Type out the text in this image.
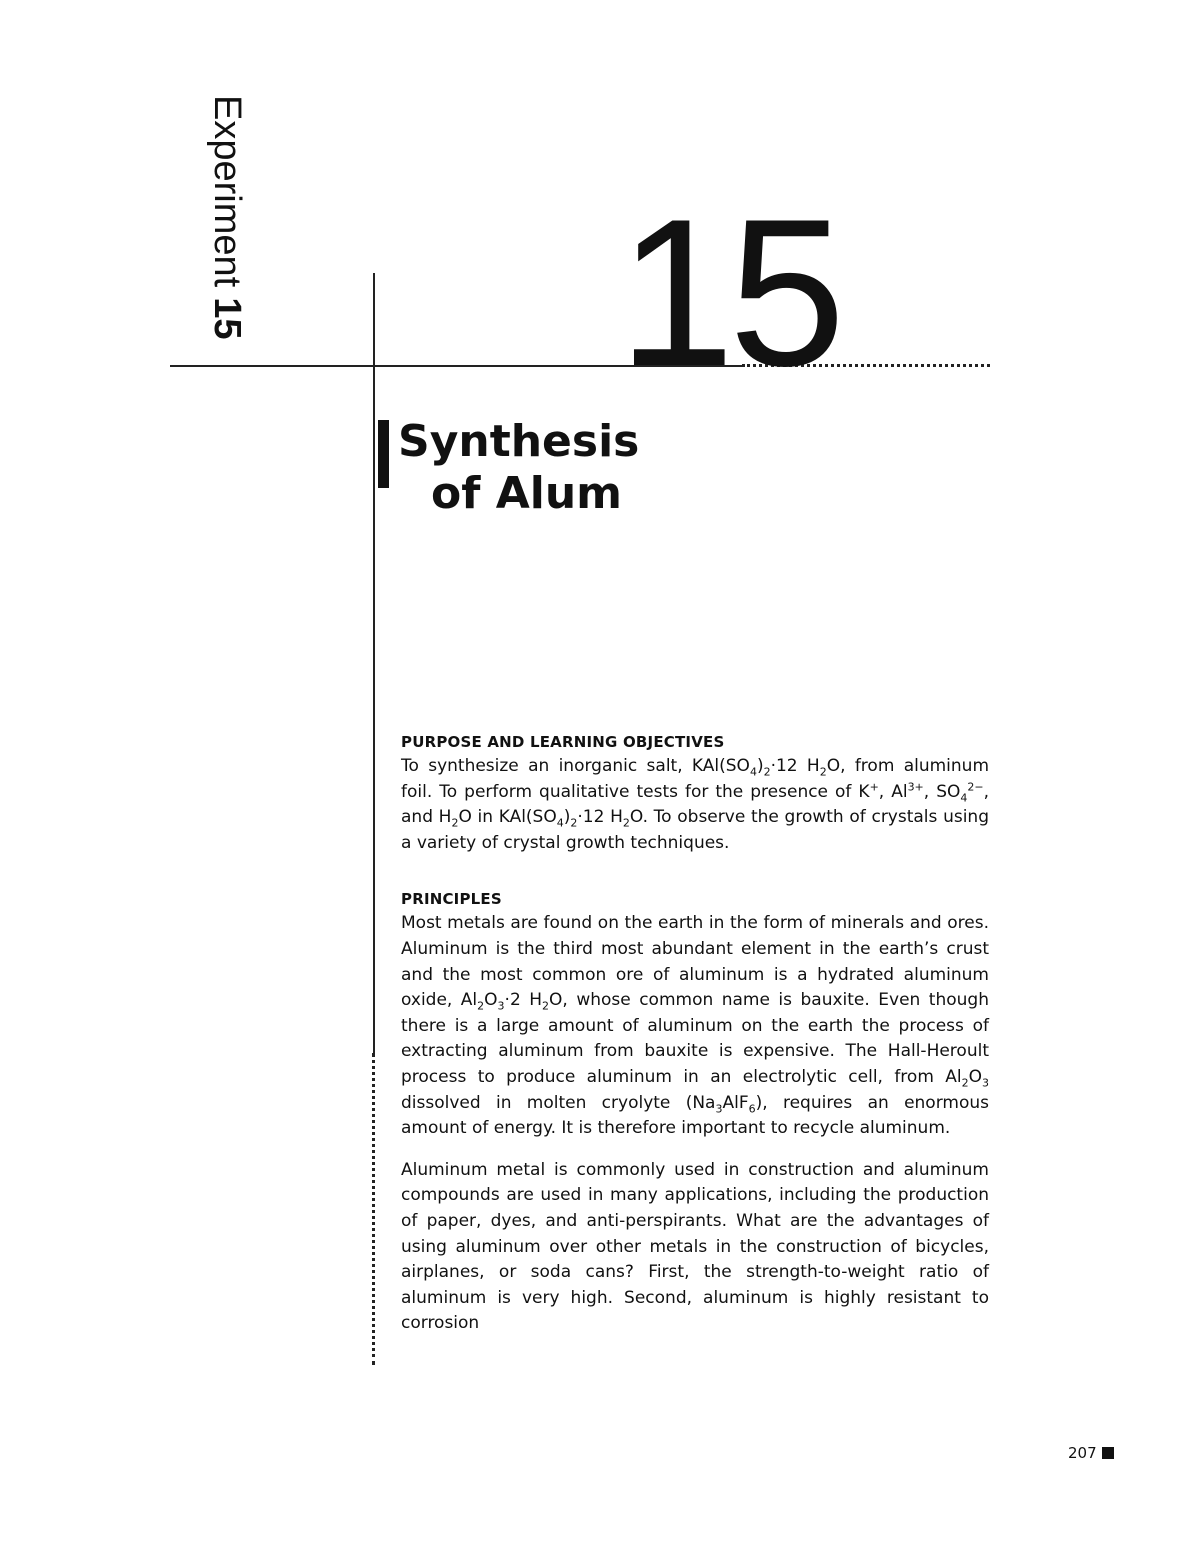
Experiment15 15
Synthesis
of Alum
PURPOSE AND LEARNING OBJECTIVES

To synthesize an inorganic salt, $KAl(SO_4)_2\cdot 12$ $H_2O$, from aluminum foil. To perform qualitative tests for the presence of K+, $Al^{3+}$, $SO_4^{2-}$, and $H_2O$ in $KAl(SO_4)_2\cdot 12$ $H_2O$. To observe the growth of crystals using a variety of crystal growth techniques.

PRINCIPLES

Most metals are found on the earth in the form of minerals and ores. Aluminum is the third most abundant element in the earth’s crust and the most common ore of aluminum is a hydrated aluminum oxide, $Al_2O_3\cdot 2$ $H_2O$, whose common name is bauxite. Even though there is a large amount of aluminum on the earth the process of extracting aluminum from bauxite is expensive. The Hall-Heroult process to produce aluminum in an electrolytic cell, from $Al_2O_3$ dissolved in molten cryolyte $(Na_3AlF_6)$, requires an enormous amount of energy. It is therefore important to recycle aluminum.

Aluminum metal is commonly used in construction and aluminum compounds are used in many applications, including the production of paper, dyes, and anti-perspirants. What are the advantages of using aluminum over other metals in the construction of bicycles, airplanes, or soda cans? First, the strength-to-weight ratio of aluminum is very high. Second, aluminum is highly resistant to corrosion

207
